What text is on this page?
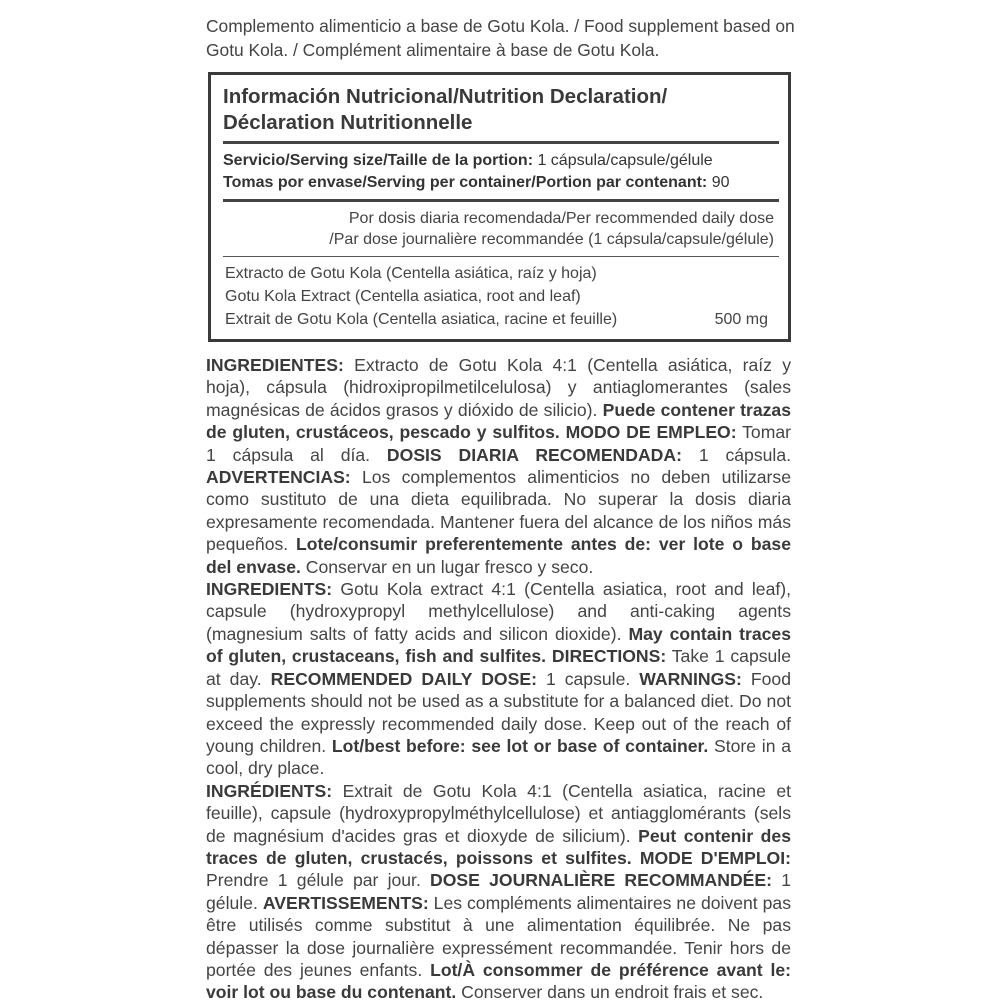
Complemento alimenticio a base de Gotu Kola. / Food supplement based on Gotu Kola. / Complément alimentaire à base de Gotu Kola.
Información Nutricional/Nutrition Declaration/
Déclaration Nutritionnelle
Servicio/Serving size/Taille de la portion: 1 cápsula/capsule/gélule
Tomas por envase/Serving per container/Portion par contenant: 90
Por dosis diaria recomendada/Per recommended daily dose
/Par dose journalière recommandée (1 cápsula/capsule/gélule)
Extracto de Gotu Kola (Centella asiática, raíz y hoja)
Gotu Kola Extract (Centella asiatica, root and leaf)
Extrait de Gotu Kola (Centella asiatica, racine et feuille)	500 mg

INGREDIENTES: Extracto de Gotu Kola 4:1 (Centella asiática, raíz y hoja), cápsula (hidroxipropilmetilcelulosa) y antiaglomerantes (sales magnésicas de ácidos grasos y dióxido de silicio). Puede contener trazas de gluten, crustáceos, pescado y sulfitos. MODO DE EMPLEO: Tomar 1 cápsula al día. DOSIS DIARIA RECOMENDADA: 1 cápsula. ADVERTENCIAS: Los complementos alimenticios no deben utilizarse como sustituto de una dieta equilibrada. No superar la dosis diaria expresamente recomendada. Mantener fuera del alcance de los niños más pequeños. Lote/consumir preferentemente antes de: ver lote o base del envase. Conservar en un lugar fresco y seco.

INGREDIENTS: Gotu Kola extract 4:1 (Centella asiatica, root and leaf), capsule (hydroxypropyl methylcellulose) and anti-caking agents (magnesium salts of fatty acids and silicon dioxide). May contain traces of gluten, crustaceans, fish and sulfites. DIRECTIONS: Take 1 capsule at day. RECOMMENDED DAILY DOSE: 1 capsule. WARNINGS: Food supplements should not be used as a substitute for a balanced diet. Do not exceed the expressly recommended daily dose. Keep out of the reach of young children. Lot/best before: see lot or base of container. Store in a cool, dry place.

INGRÉDIENTS: Extrait de Gotu Kola 4:1 (Centella asiatica, racine et feuille), capsule (hydroxypropylméthylcellulose) et antiagglomérants (sels de magnésium d'acides gras et dioxyde de silicium). Peut contenir des traces de gluten, crustacés, poissons et sulfites. MODE D'EMPLOI: Prendre 1 gélule par jour. DOSE JOURNALIÈRE RECOMMANDÉE: 1 gélule. AVERTISSEMENTS: Les compléments alimentaires ne doivent pas être utilisés comme substitut à une alimentation équilibrée. Ne pas dépasser la dose journalière expressément recommandée. Tenir hors de portée des jeunes enfants. Lot/À consommer de préférence avant le: voir lot ou base du contenant. Conserver dans un endroit frais et sec.
